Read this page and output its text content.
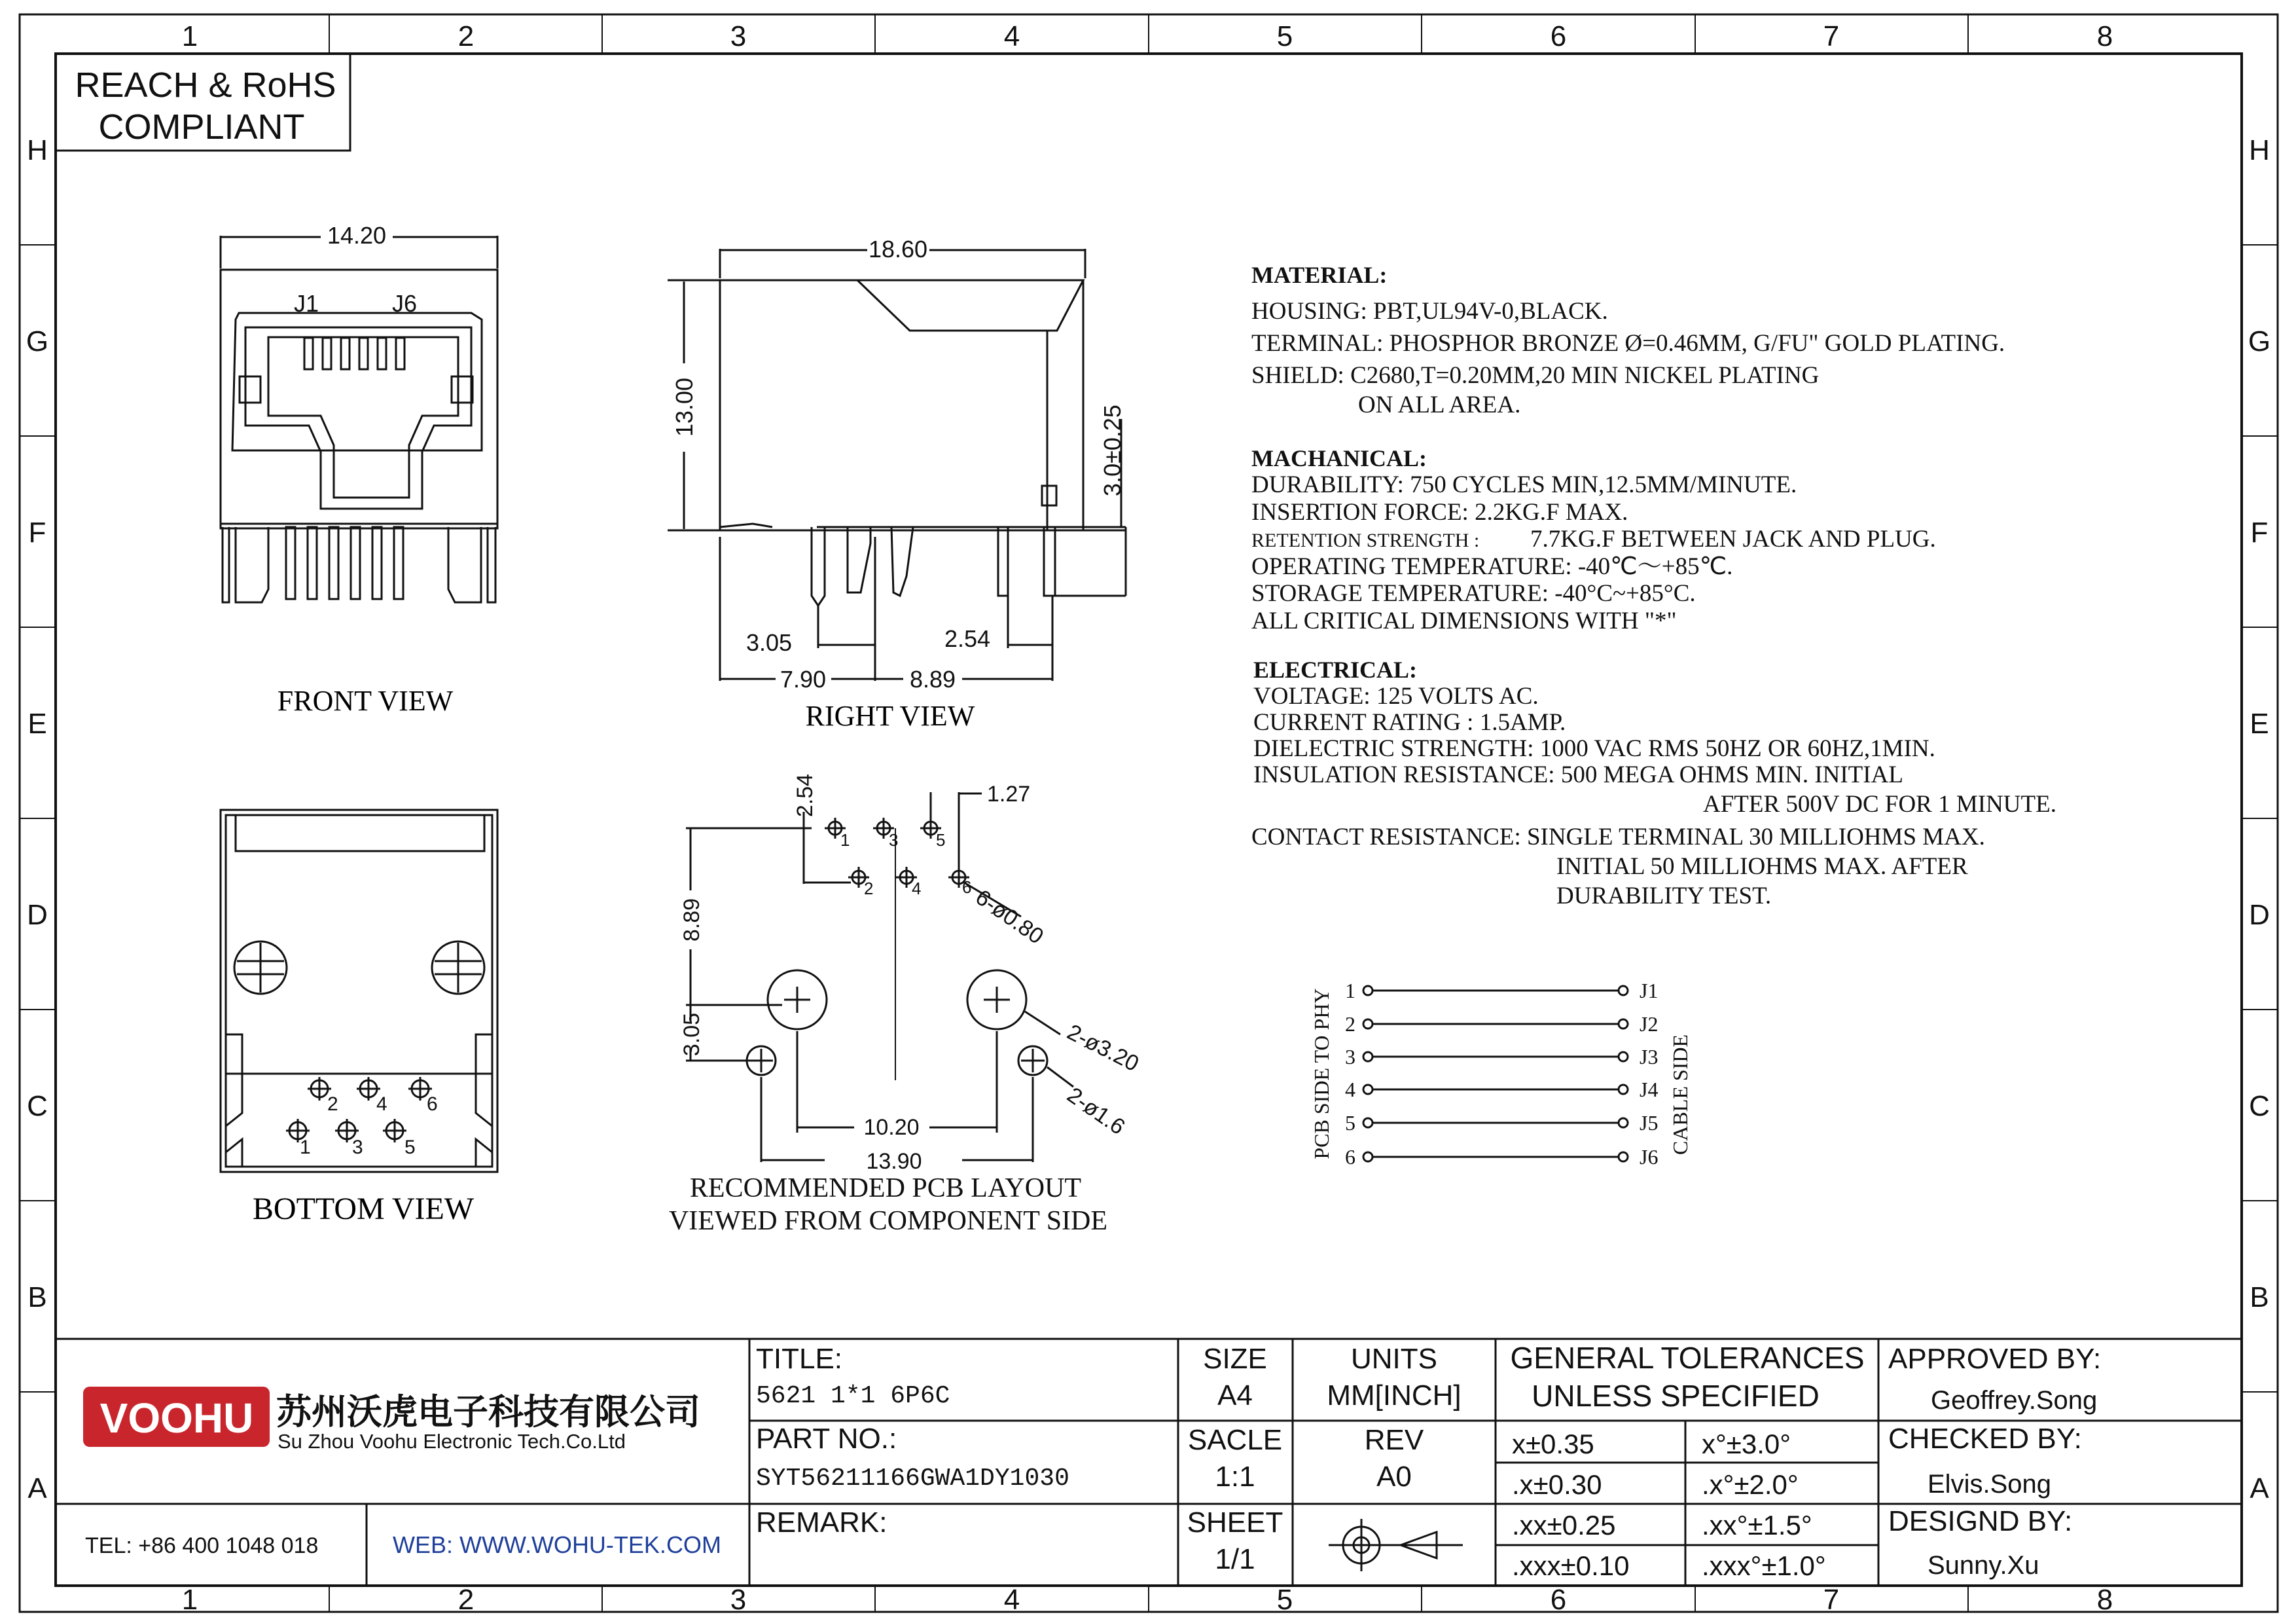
1	2	3	4	5	6	7	8
1	2	3	4	5	6	7	8
H
G
F
E
D
C
B
A
H
G
F
E
D
C
B
A
REACH & RoHS
COMPLIANT
14.20
J1	J6
FRONT VIEW
18.60
13.00	3.0±0.25
3.05	2.54
7.90	8.89
RIGHT VIEW
1
2
3
4
5
6
BOTTOM VIEW
2.54	1.27
6-ø0.80
2-ø3.20
2-ø1.6
8.89
3.05
10.20
13.90
1
2
3
4
5
6
RECOMMENDED PCB LAYOUT
VIEWED FROM COMPONENT SIDE
MATERIAL:
HOUSING: PBT,UL94V-0,BLACK.
TERMINAL: PHOSPHOR BRONZE Ø=0.46MM, G/FU" GOLD PLATING.
SHIELD: C2680,T=0.20MM,20 MIN NICKEL PLATING
ON ALL AREA.
MACHANICAL:
DURABILITY: 750 CYCLES MIN,12.5MM/MINUTE.
INSERTION FORCE: 2.2KG.F MAX.
RETENTION STRENGTH : 7.7KG.F BETWEEN JACK AND PLUG.
OPERATING TEMPERATURE: -40℃～+85℃.
STORAGE TEMPERATURE: -40°C~+85°C.
ALL CRITICAL DIMENSIONS WITH "*"
ELECTRICAL:
VOLTAGE: 125 VOLTS AC.
CURRENT RATING : 1.5AMP.
DIELECTRIC STRENGTH: 1000 VAC RMS 50HZ OR 60HZ,1MIN.
INSULATION RESISTANCE: 500 MEGA OHMS MIN. INITIAL
AFTER 500V DC FOR 1 MINUTE.
CONTACT RESISTANCE: SINGLE TERMINAL 30 MILLIOHMS MAX.
INITIAL 50 MILLIOHMS MAX. AFTER
DURABILITY TEST.
1
2
3
4
5
6
J1
J2
J3
J4
J5
J6
PCB SIDE TO PHY	CABLE SIDE
VOOHU 苏州沃虎电子科技有限公司
Su Zhou Voohu Electronic Tech.Co.Ltd
TEL: +86 400 1048 018	WEB: WWW.WOHU-TEK.COM
TITLE:
5621 1*1 6P6C
PART NO.:
SYT56211166GWA1DY1030
REMARK:
SIZE
A4
SACLE
1:1
SHEET
1/1
UNITS
MM[INCH]
REV
A0
GENERAL TOLERANCES
UNLESS SPECIFIED
x±0.35	x°±3.0°
.x±0.30	.x°±2.0°
.xx±0.25	.xx°±1.5°
.xxx±0.10	.xxx°±1.0°
APPROVED BY:
Geoffrey.Song
CHECKED BY:
Elvis.Song
DESIGND BY:
Sunny.Xu
